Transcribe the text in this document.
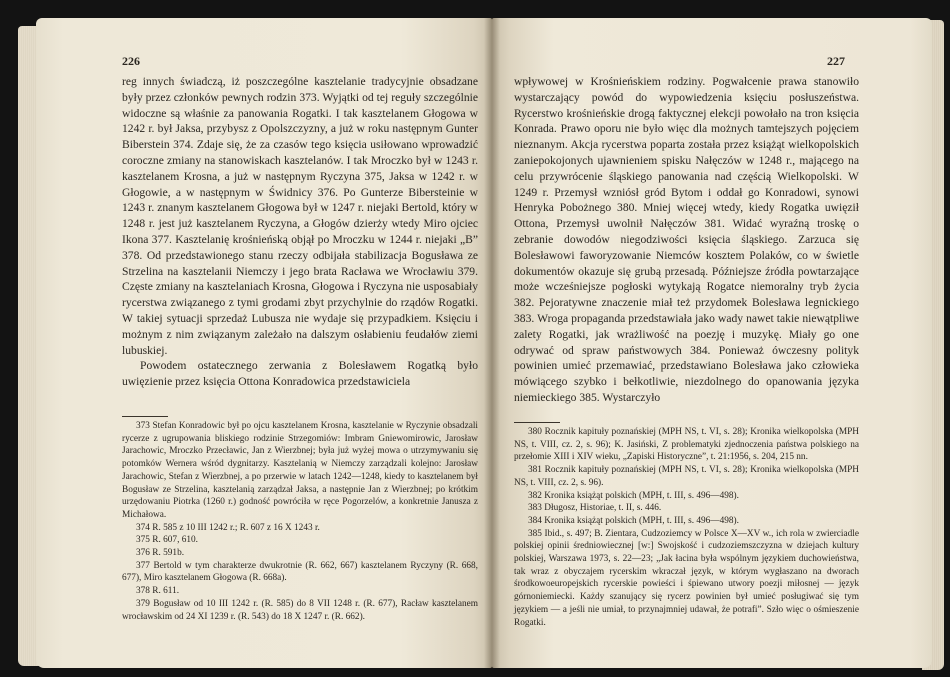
226

reg innych świadczą, iż poszczególne kasztelanie tradycyjnie obsadzane były przez członków pewnych rodzin 373. Wyjątki od tej reguły szczególnie widoczne są właśnie za panowania Rogatki. I tak kasztelanem Głogowa w 1242 r. był Jaksa, przybysz z Opolszczyzny, a już w roku następnym Gunter Biberstein 374. Zdaje się, że za czasów tego księcia usiłowano wprowadzić coroczne zmiany na stanowiskach kasztelanów. I tak Mroczko był w 1243 r. kasztelanem Krosna, a już w następnym Ryczyna 375, Jaksa w 1242 r. w Głogowie, a w następnym w Świdnicy 376. Po Gunterze Bibersteinie w 1243 r. znanym kasztelanem Głogowa był w 1247 r. niejaki Bertold, który w 1248 r. jest już kasztelanem Ryczyna, a Głogów dzierży wtedy Miro ojciec Ikona 377. Kasztelanię krośnieńską objął po Mroczku w 1244 r. niejaki „B” 378. Od przedstawionego stanu rzeczy odbijała stabilizacja Bogusława ze Strzelina na kasztelanii Niemczy i jego brata Racława we Wrocławiu 379. Częste zmiany na kasztelaniach Krosna, Głogowa i Ryczyna nie usposabiały rycerstwa związanego z tymi grodami zbyt przychylnie do rządów Rogatki. W takiej sytuacji sprzedaż Lubusza nie wydaje się przypadkiem. Księciu i możnym z nim związanym zależało na dalszym osłabieniu feudałów ziemi lubuskiej.

Powodem ostatecznego zerwania z Bolesławem Rogatką było uwięzienie przez księcia Ottona Konradowica przedstawiciela

373 Stefan Konradowic był po ojcu kasztelanem Krosna, kasztelanie w Ryczynie obsadzali rycerze z ugrupowania bliskiego rodzinie Strzegomiów: Imbram Gniewomirowic, Jarosław Jarachowic, Mroczko Przecławic, Jan z Wierzbnej; była już wyżej mowa o utrzymywaniu się potomków Wernera wśród dygnitarzy. Kasztelanią w Niemczy zarządzali kolejno: Jarosław Jarachowic, Stefan z Wierzbnej, a po przerwie w latach 1242—1248, kiedy to kasztelanem był Bogusław ze Strzelina, kasztelanią zarządzał Jaksa, a następnie Jan z Wierzbnej; po krótkim urzędowaniu Piotrka (1260 r.) godność powróciła w ręce Pogorzelów, a konkretnie Janusza z Michałowa.

374 R. 585 z 10 III 1242 r.; R. 607 z 16 X 1243 r.

375 R. 607, 610.

376 R. 591b.

377 Bertold w tym charakterze dwukrotnie (R. 662, 667) kasztelanem Ryczyny (R. 668, 677), Miro kasztelanem Głogowa (R. 668a).

378 R. 611.

379 Bogusław od 10 III 1242 r. (R. 585) do 8 VII 1248 r. (R. 677), Racław kasztelanem wrocławskim od 24 XI 1239 r. (R. 543) do 18 X 1247 r. (R. 662).

227

wpływowej w Krośnieńskiem rodziny. Pogwałcenie prawa stanowiło wystarczający powód do wypowiedzenia księciu posłuszeństwa. Rycerstwo krośnieńskie drogą faktycznej elekcji powołało na tron księcia Konrada. Prawo oporu nie było więc dla możnych tamtejszych pojęciem nieznanym. Akcja rycerstwa poparta została przez książąt wielkopolskich zaniepokojonych ujawnieniem spisku Nałęczów w 1248 r., mającego na celu przywrócenie śląskiego panowania nad częścią Wielkopolski. W 1249 r. Przemysł wzniósł gród Bytom i oddał go Konradowi, synowi Henryka Pobożnego 380. Mniej więcej wtedy, kiedy Rogatka uwięził Ottona, Przemysł uwolnił Nałęczów 381. Widać wyraźną troskę o zebranie dowodów niegodziwości księcia śląskiego. Zarzuca się Bolesławowi faworyzowanie Niemców kosztem Polaków, co w świetle dokumentów okazuje się grubą przesadą. Późniejsze źródła powtarzające może wcześniejsze pogłoski wytykają Rogatce niemoralny tryb życia 382. Pejoratywne znaczenie miał też przydomek Bolesława legnickiego 383. Wroga propaganda przedstawiała jako wady nawet takie niewątpliwe zalety Rogatki, jak wrażliwość na poezję i muzykę. Miały go one odrywać od spraw państwowych 384. Ponieważ ówczesny polityk powinien umieć przemawiać, przedstawiano Bolesława jako człowieka mówiącego szybko i bełkotliwie, niezdolnego do opanowania języka niemieckiego 385. Wystarczyło

380 Rocznik kapituły poznańskiej (MPH NS, t. VI, s. 28); Kronika wielkopolska (MPH NS, t. VIII, cz. 2, s. 96); K. Jasiński, Z problematyki zjednoczenia państwa polskiego na przełomie XIII i XIV wieku, „Zapiski Historyczne”, t. 21:1956, s. 204, 215 nn.

381 Rocznik kapituły poznańskiej (MPH NS, t. VI, s. 28); Kronika wielkopolska (MPH NS, t. VIII, cz. 2, s. 96).

382 Kronika książąt polskich (MPH, t. III, s. 496—498).

383 Długosz, Historiae, t. II, s. 446.

384 Kronika książąt polskich (MPH, t. III, s. 496—498).

385 Ibid., s. 497; B. Zientara, Cudzoziemcy w Polsce X—XV w., ich rola w zwierciadle polskiej opinii średniowiecznej [w:] Swojskość i cudzoziemszczyzna w dziejach kultury polskiej, Warszawa 1973, s. 22—23; „Jak łacina była wspólnym językiem duchowieństwa, tak wraz z obyczajem rycerskim wkraczał język, w którym wygłaszano na dworach środkowoeuropejskich rycerskie powieści i śpiewano utwory poezji miłosnej — język górnoniemiecki. Każdy szanujący się rycerz powinien był umieć posługiwać się tym językiem — a jeśli nie umiał, to przynajmniej udawał, że potrafi”. Szło więc o ośmieszenie Rogatki.
